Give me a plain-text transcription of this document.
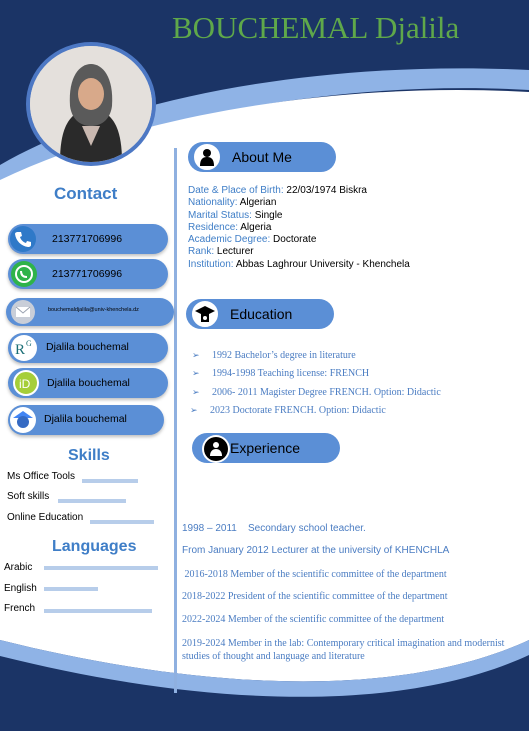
BOUCHEMAL Djalila
Contact
213771706996
213771706996
bouchemaldjalila@univ-khenchela.dz
R G Djalila bouchemal
iD Djalila bouchemal
Djalila bouchemal
Skills
Ms Office Tools
Soft skills
Online Education
Languages
Arabic
English
French
About Me
Date & Place of Birth: 22/03/1974 Biskra
Nationality: Algerian
Marital Status: Single
Residence: Algeria
Academic Degree: Doctorate
Rank: Lecturer
Institution: Abbas Laghrour University - Khenchela
Education
➢ 1992 Bachelor’s degree in literature
➢ 1994-1998 Teaching license: FRENCH
➢ 2006- 2011 Magister Degree FRENCH. Option: Didactic
➢ 2023 Doctorate FRENCH. Option: Didactic
Experience
1998 – 2011    Secondary school teacher.
From January 2012 Lecturer at the university of KHENCHLA
2016-2018 Member of the scientific committee of the department
2018-2022 President of the scientific committee of the department
2022-2024 Member of the scientific committee of the department
2019-2024 Member in the lab: Contemporary critical imagination and modernist studies of thought and language and literature
